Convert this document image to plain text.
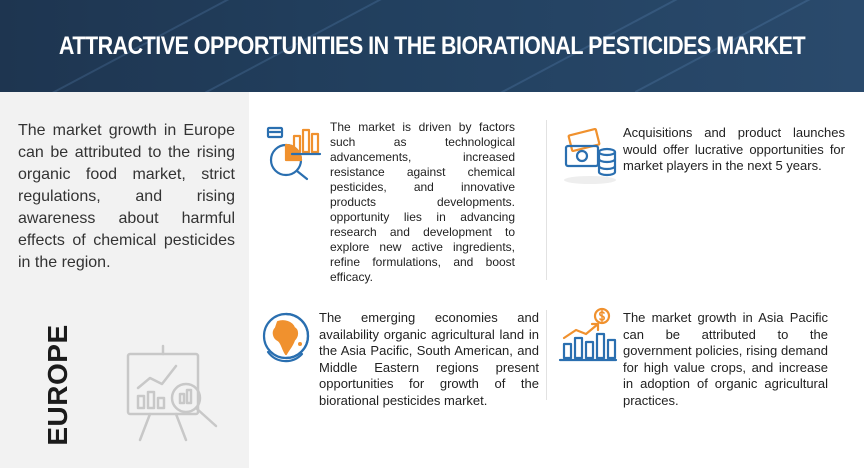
ATTRACTIVE OPPORTUNITIES IN THE BIORATIONAL PESTICIDES MARKET
The market growth in Europe can be attributed to the rising organic food market, strict regulations, and rising awareness about harmful effects of chemical pesticides in the region.
EUROPE
The market is driven by factors such as technological advancements, increased resistance against chemical pesticides, and innovative products developments. opportunity lies in advancing research and development to explore new active ingredients, refine formulations, and boost efficacy.
Acquisitions and product launches would offer lucrative opportunities for market players in the next 5 years.
The emerging economies and availability organic agricultural land in the Asia Pacific, South American, and Middle Eastern regions present opportunities for growth of the biorational pesticides market.
The market growth in Asia Pacific can be attributed to the government policies, rising demand for high value crops, and increase in adoption of organic agricultural practices.
